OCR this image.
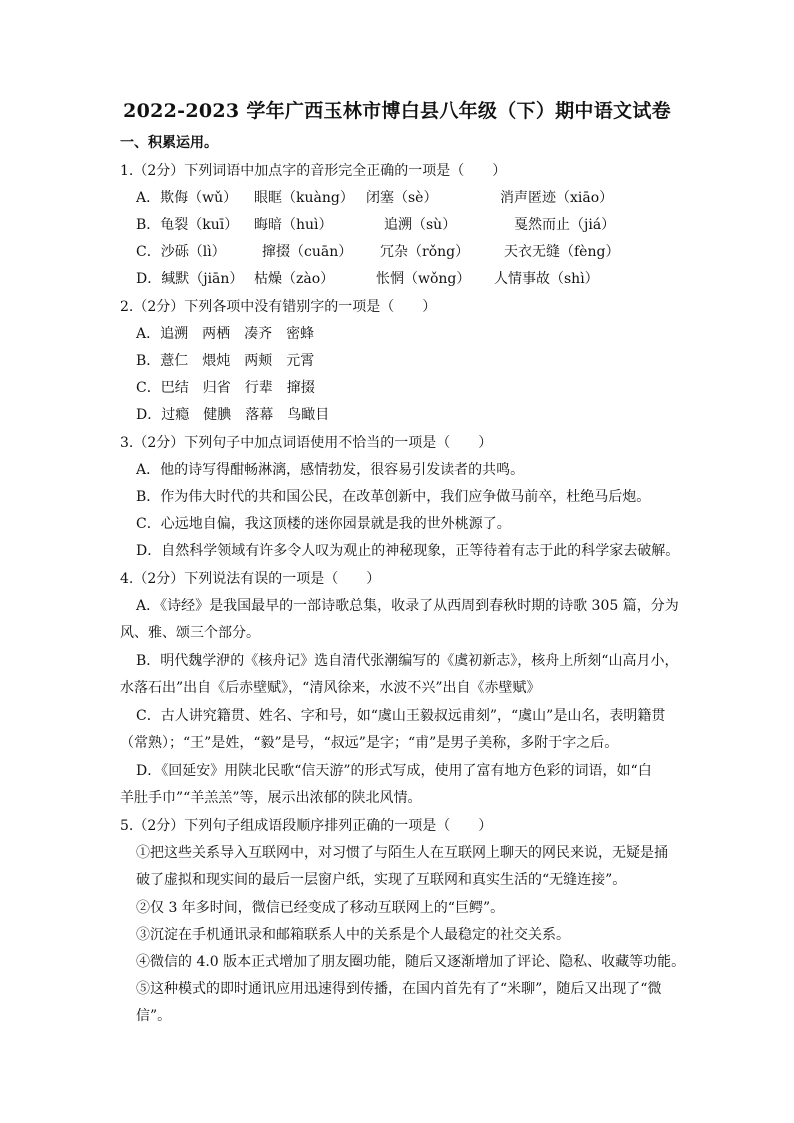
2022-2023 学年广西玉林市博白县八年级（下）期中语文试卷
一、积累运用。
1.（2分）下列词语中加点字的音形完全正确的一项是（　　）
A．欺侮（wǔ） 眼眶（kuàng） 闭塞（sè）	消声匿迹（xiāo）
B．龟裂（kuī） 晦暗（huì）	追溯（sù）	戛然而止（jiá）
C．沙砾（lì）	撺掇（cuān） 冗杂（rǒng） 天衣无缝（fèng）
D．缄默（jiān） 枯燥（zào）	怅惘（wǒng） 人情事故（shì）
2.（2分）下列各项中没有错别字的一项是（　　）
A．追溯　两栖　凑齐　密蜂
B．薏仁　煨炖　两颊　元霄
C．巴结　归省　行辈　撺掇
D．过瘾　健腆　落幕　鸟瞰目
3.（2分）下列句子中加点词语使用不恰当的一项是（　　）
A．他的诗写得酣畅淋漓，感情勃发，很容易引发读者的共鸣。
B．作为伟大时代的共和国公民，在改革创新中，我们应争做马前卒，杜绝马后炮。
C．心远地自偏，我这顶楼的迷你园景就是我的世外桃源了。
D．自然科学领域有许多令人叹为观止的神秘现象，正等待着有志于此的科学家去破解。
4.（2分）下列说法有误的一项是（　　）
A．《诗经》是我国最早的一部诗歌总集，收录了从西周到春秋时期的诗歌 305 篇，分为
风、雅、颂三个部分。
B．明代魏学洢的《核舟记》选自清代张潮编写的《虞初新志》，核舟上所刻“山高月小，
水落石出”出自《后赤壁赋》，“清风徐来，水波不兴”出自《赤壁赋》
C．古人讲究籍贯、姓名、字和号，如“虞山王毅叔远甫刻”，“虞山”是山名，表明籍贯
（常熟）；“王”是姓，“毅”是号，“叔远”是字；“甫”是男子美称，多附于字之后。
D．《回延安》用陕北民歌“信天游”的形式写成，使用了富有地方色彩的词语，如“白
羊肚手巾”“羊羔羔”等，展示出浓郁的陕北风情。
5.（2分）下列句子组成语段顺序排列正确的一项是（　　）
①把这些关系导入互联网中，对习惯了与陌生人在互联网上聊天的网民来说，无疑是捅
破了虚拟和现实间的最后一层窗户纸，实现了互联网和真实生活的“无缝连接”。
②仅 3 年多时间，微信已经变成了移动互联网上的“巨鳄”。
③沉淀在手机通讯录和邮箱联系人中的关系是个人最稳定的社交关系。
④微信的 4.0 版本正式增加了朋友圈功能，随后又逐渐增加了评论、隐私、收藏等功能。
⑤这种模式的即时通讯应用迅速得到传播，在国内首先有了“米聊”，随后又出现了“微
信”。
